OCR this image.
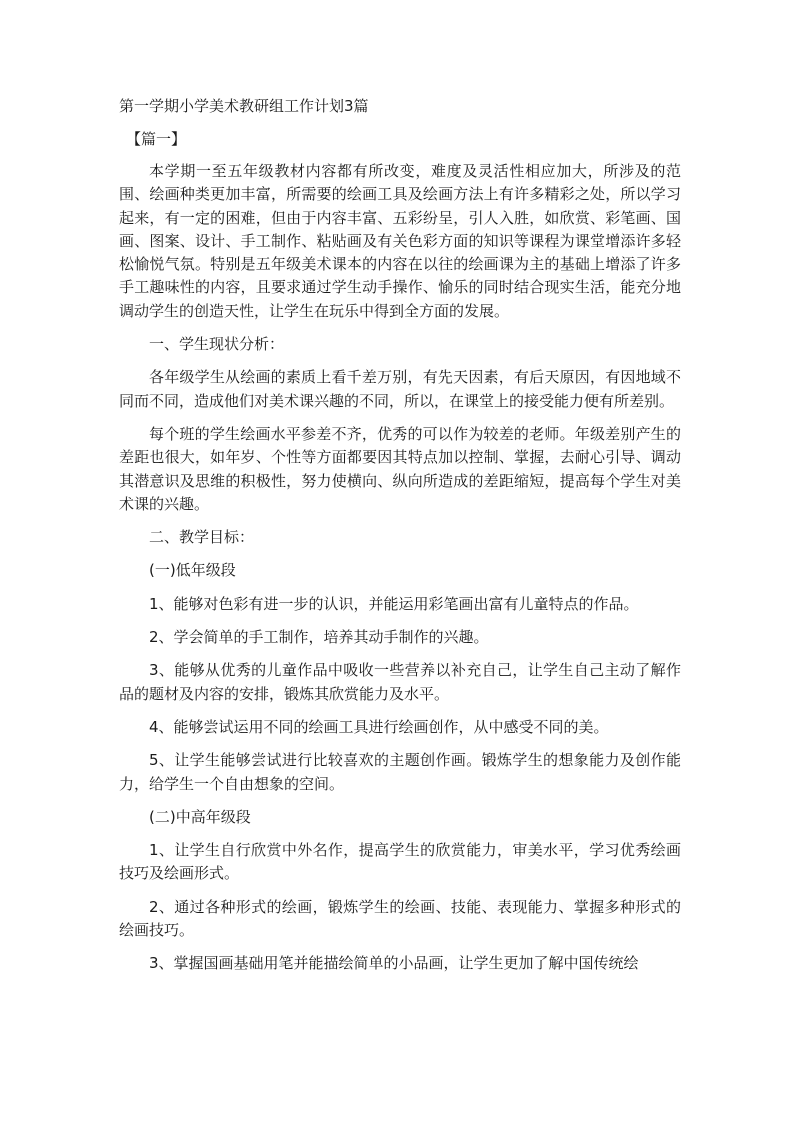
第一学期小学美术教研组工作计划3篇
【篇一】

本学期一至五年级教材内容都有所改变，难度及灵活性相应加大，所涉及的范围、绘画种类更加丰富，所需要的绘画工具及绘画方法上有许多精彩之处，所以学习起来，有一定的困难，但由于内容丰富、五彩纷呈，引人入胜，如欣赏、彩笔画、国画、图案、设计、手工制作、粘贴画及有关色彩方面的知识等课程为课堂增添许多轻松愉悦气氛。特别是五年级美术课本的内容在以往的绘画课为主的基础上增添了许多手工趣味性的内容，且要求通过学生动手操作、愉乐的同时结合现实生活，能充分地调动学生的创造天性，让学生在玩乐中得到全方面的发展。

一、学生现状分析：

各年级学生从绘画的素质上看千差万别，有先天因素，有后天原因，有因地域不同而不同，造成他们对美术课兴趣的不同，所以，在课堂上的接受能力便有所差别。

每个班的学生绘画水平参差不齐，优秀的可以作为较差的老师。年级差别产生的差距也很大，如年岁、个性等方面都要因其特点加以控制、掌握，去耐心引导、调动其潜意识及思维的积极性，努力使横向、纵向所造成的差距缩短，提高每个学生对美术课的兴趣。

二、教学目标：

(一)低年级段

1、能够对色彩有进一步的认识，并能运用彩笔画出富有儿童特点的作品。

2、学会简单的手工制作，培养其动手制作的兴趣。

3、能够从优秀的儿童作品中吸收一些营养以补充自己，让学生自己主动了解作品的题材及内容的安排，锻炼其欣赏能力及水平。

4、能够尝试运用不同的绘画工具进行绘画创作，从中感受不同的美。

5、让学生能够尝试进行比较喜欢的主题创作画。锻炼学生的想象能力及创作能力，给学生一个自由想象的空间。

(二)中高年级段

1、让学生自行欣赏中外名作，提高学生的欣赏能力，审美水平，学习优秀绘画技巧及绘画形式。

2、通过各种形式的绘画，锻炼学生的绘画、技能、表现能力、掌握多种形式的绘画技巧。

3、掌握国画基础用笔并能描绘简单的小品画，让学生更加了解中国传统绘
